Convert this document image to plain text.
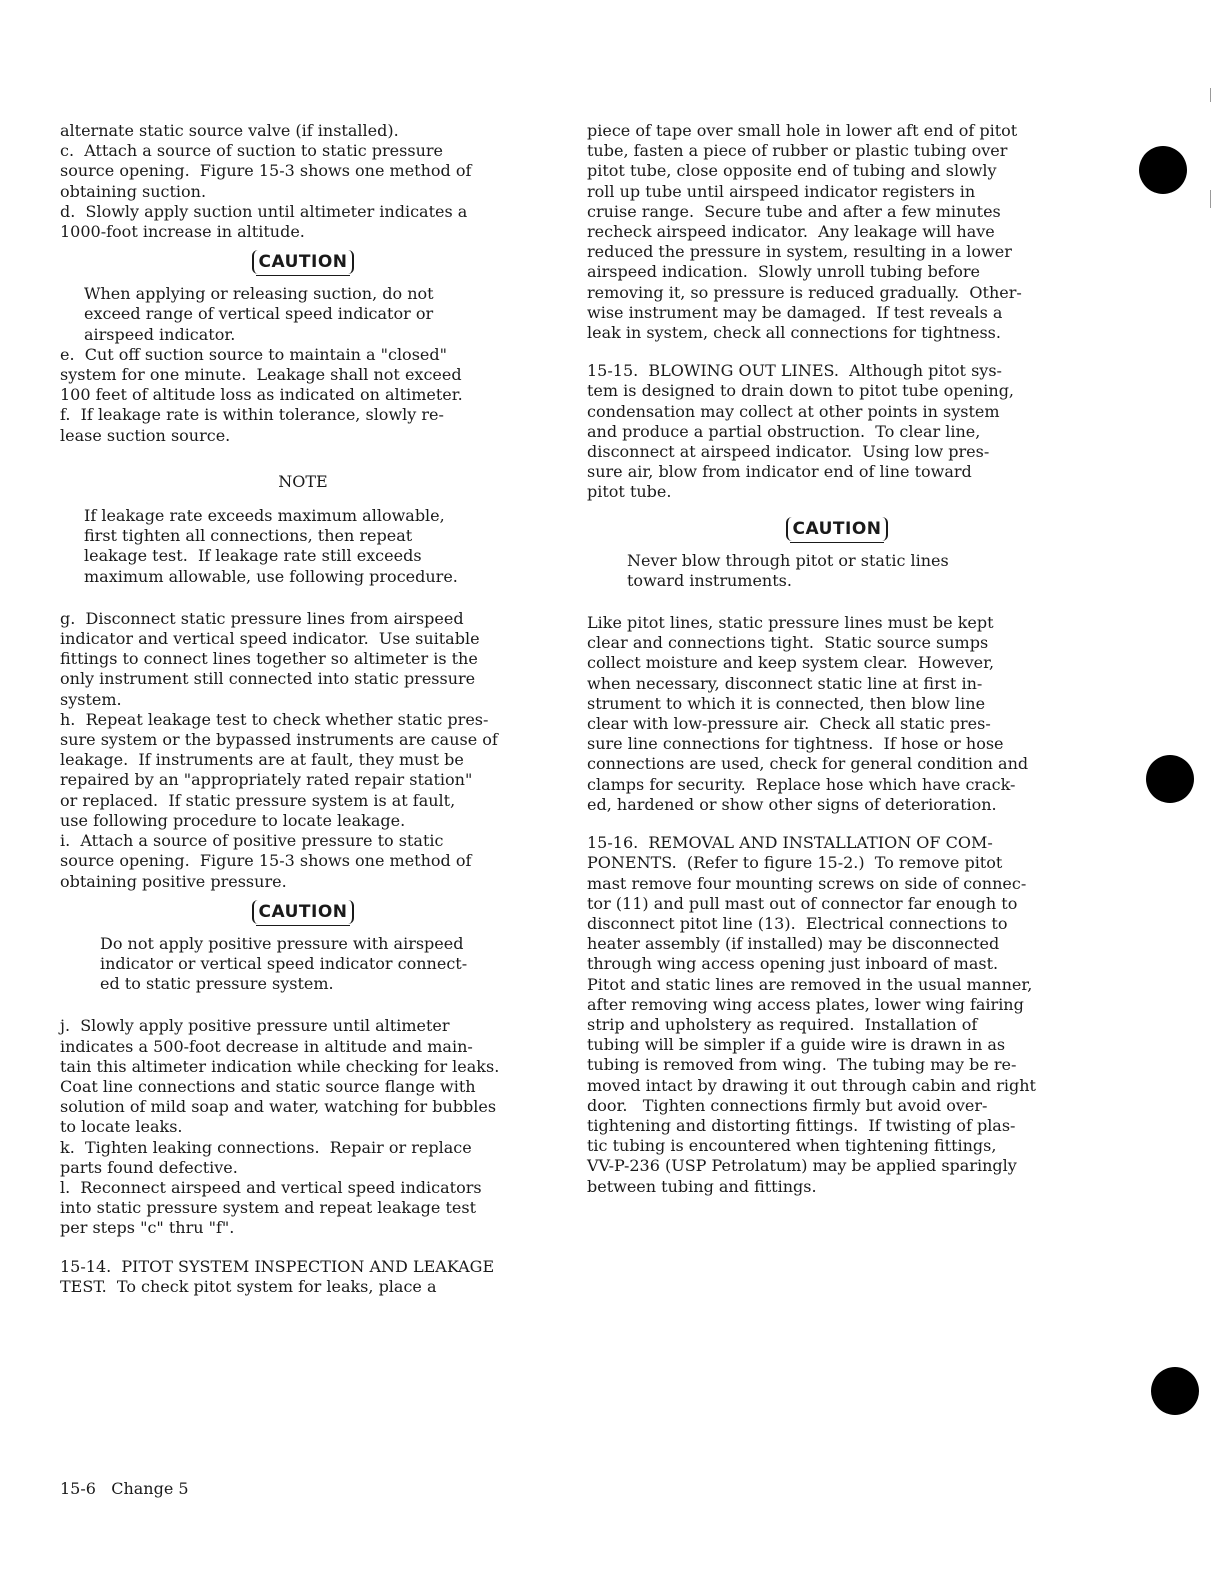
alternate static source valve (if installed).
c.  Attach a source of suction to static pressure
source opening.  Figure 15-3 shows one method of
obtaining suction.
d.  Slowly apply suction until altimeter indicates a
1000-foot increase in altitude.
CAUTION
When applying or releasing suction, do not
exceed range of vertical speed indicator or
airspeed indicator.
e.  Cut off suction source to maintain a "closed"
system for one minute.  Leakage shall not exceed
100 feet of altitude loss as indicated on altimeter.
f.  If leakage rate is within tolerance, slowly re-
lease suction source.
NOTE
If leakage rate exceeds maximum allowable,
first tighten all connections, then repeat
leakage test.  If leakage rate still exceeds
maximum allowable, use following procedure.
g.  Disconnect static pressure lines from airspeed
indicator and vertical speed indicator.  Use suitable
fittings to connect lines together so altimeter is the
only instrument still connected into static pressure
system.
h.  Repeat leakage test to check whether static pres-
sure system or the bypassed instruments are cause of
leakage.  If instruments are at fault, they must be
repaired by an "appropriately rated repair station"
or replaced.  If static pressure system is at fault,
use following procedure to locate leakage.
i.  Attach a source of positive pressure to static
source opening.  Figure 15-3 shows one method of
obtaining positive pressure.
CAUTION
Do not apply positive pressure with airspeed
indicator or vertical speed indicator connect-
ed to static pressure system.
j.  Slowly apply positive pressure until altimeter
indicates a 500-foot decrease in altitude and main-
tain this altimeter indication while checking for leaks.
Coat line connections and static source flange with
solution of mild soap and water, watching for bubbles
to locate leaks.
k.  Tighten leaking connections.  Repair or replace
parts found defective.
l.  Reconnect airspeed and vertical speed indicators
into static pressure system and repeat leakage test
per steps "c" thru "f".
15-14.  PITOT SYSTEM INSPECTION AND LEAKAGE
TEST.  To check pitot system for leaks, place a
piece of tape over small hole in lower aft end of pitot
tube, fasten a piece of rubber or plastic tubing over
pitot tube, close opposite end of tubing and slowly
roll up tube until airspeed indicator registers in
cruise range.  Secure tube and after a few minutes
recheck airspeed indicator.  Any leakage will have
reduced the pressure in system, resulting in a lower
airspeed indication.  Slowly unroll tubing before
removing it, so pressure is reduced gradually.  Other-
wise instrument may be damaged.  If test reveals a
leak in system, check all connections for tightness.
15-15.  BLOWING OUT LINES.  Although pitot sys-
tem is designed to drain down to pitot tube opening,
condensation may collect at other points in system
and produce a partial obstruction.  To clear line,
disconnect at airspeed indicator.  Using low pres-
sure air, blow from indicator end of line toward
pitot tube.
CAUTION
Never blow through pitot or static lines
toward instruments.
Like pitot lines, static pressure lines must be kept
clear and connections tight.  Static source sumps
collect moisture and keep system clear.  However,
when necessary, disconnect static line at first in-
strument to which it is connected, then blow line
clear with low-pressure air.  Check all static pres-
sure line connections for tightness.  If hose or hose
connections are used, check for general condition and
clamps for security.  Replace hose which have crack-
ed, hardened or show other signs of deterioration.
15-16.  REMOVAL AND INSTALLATION OF COM-
PONENTS.  (Refer to figure 15-2.)  To remove pitot
mast remove four mounting screws on side of connec-
tor (11) and pull mast out of connector far enough to
disconnect pitot line (13).  Electrical connections to
heater assembly (if installed) may be disconnected
through wing access opening just inboard of mast.
Pitot and static lines are removed in the usual manner,
after removing wing access plates, lower wing fairing
strip and upholstery as required.  Installation of
tubing will be simpler if a guide wire is drawn in as
tubing is removed from wing.  The tubing may be re-
moved intact by drawing it out through cabin and right
door.   Tighten connections firmly but avoid over-
tightening and distorting fittings.  If twisting of plas-
tic tubing is encountered when tightening fittings,
VV-P-236 (USP Petrolatum) may be applied sparingly
between tubing and fittings.
15-6   Change 5
